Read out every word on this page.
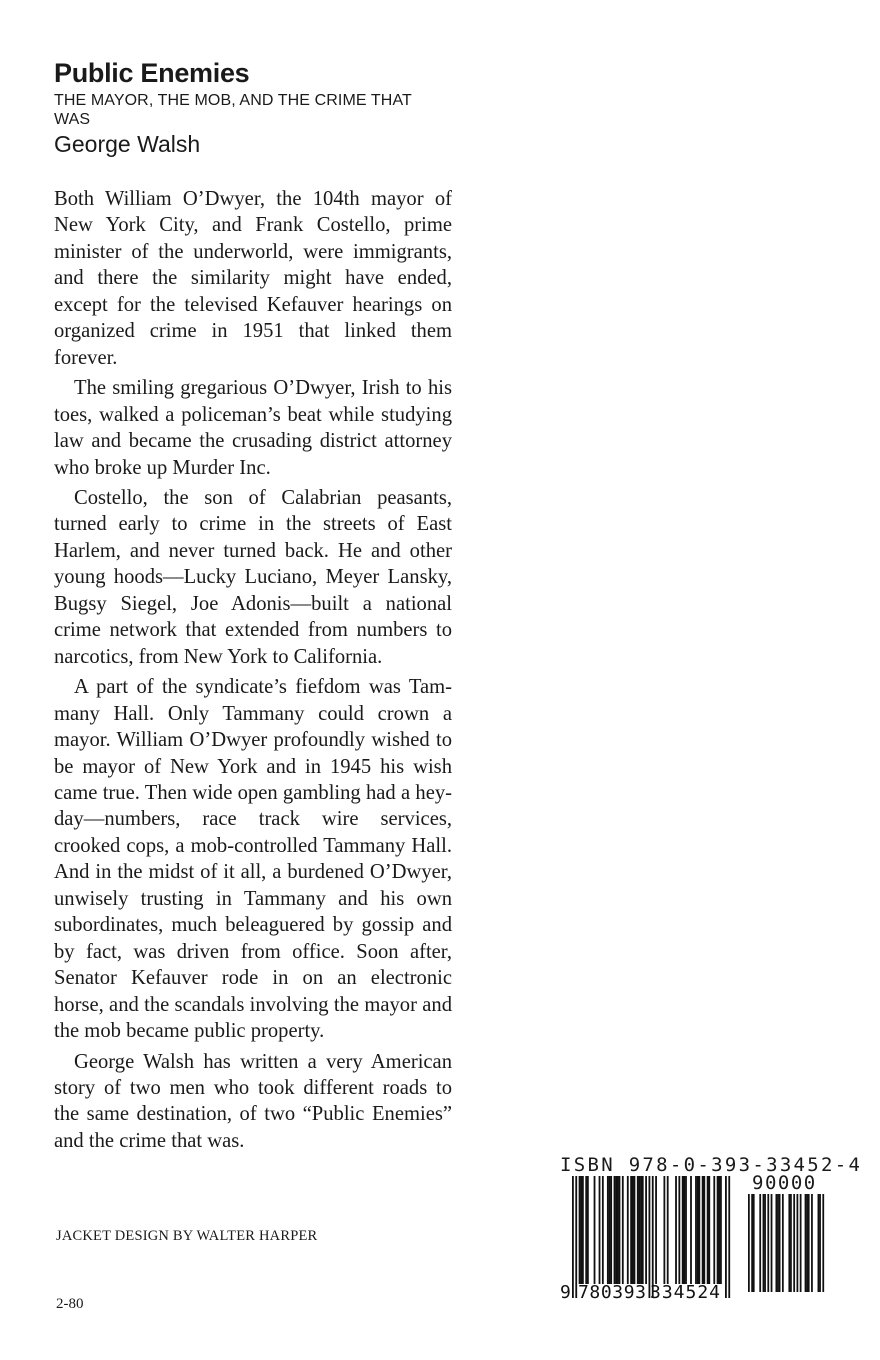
Public Enemies
THE MAYOR, THE MOB, AND THE CRIME THAT WAS
George Walsh

Both William O’Dwyer, the 104th mayor of New York City, and Frank Costello, prime minister of the underworld, were immigrants, and there the similarity might have ended, except for the televised Kefauver hearings on organized crime in 1951 that linked them forever.

The smiling gregarious O’Dwyer, Irish to his toes, walked a policeman’s beat while studying law and became the crusading district attorney who broke up Murder Inc.

Costello, the son of Calabrian peasants, turned early to crime in the streets of East Harlem, and never turned back. He and other young hoods—Lucky Luciano, Meyer Lansky, Bugsy Siegel, Joe Adonis—built a national crime network that extended from numbers to narcotics, from New York to California.

A part of the syndicate’s fiefdom was Tammany Hall. Only Tammany could crown a mayor. William O’Dwyer profoundly wished to be mayor of New York and in 1945 his wish came true. Then wide open gambling had a hey-day—numbers, race track wire services, crooked cops, a mob-controlled Tammany Hall. And in the midst of it all, a burdened O’Dwyer, unwisely trusting in Tammany and his own subordinates, much beleaguered by gossip and by fact, was driven from office. Soon after, Senator Kefauver rode in on an electronic horse, and the scandals involving the mayor and the mob became public property.

George Walsh has written a very American story of two men who took different roads to the same destination, of two “Public Enemies” and the crime that was.

JACKET DESIGN BY WALTER HARPER
2-80
ISBN 978-0-393-33452-4
90000
9 780393 334524
